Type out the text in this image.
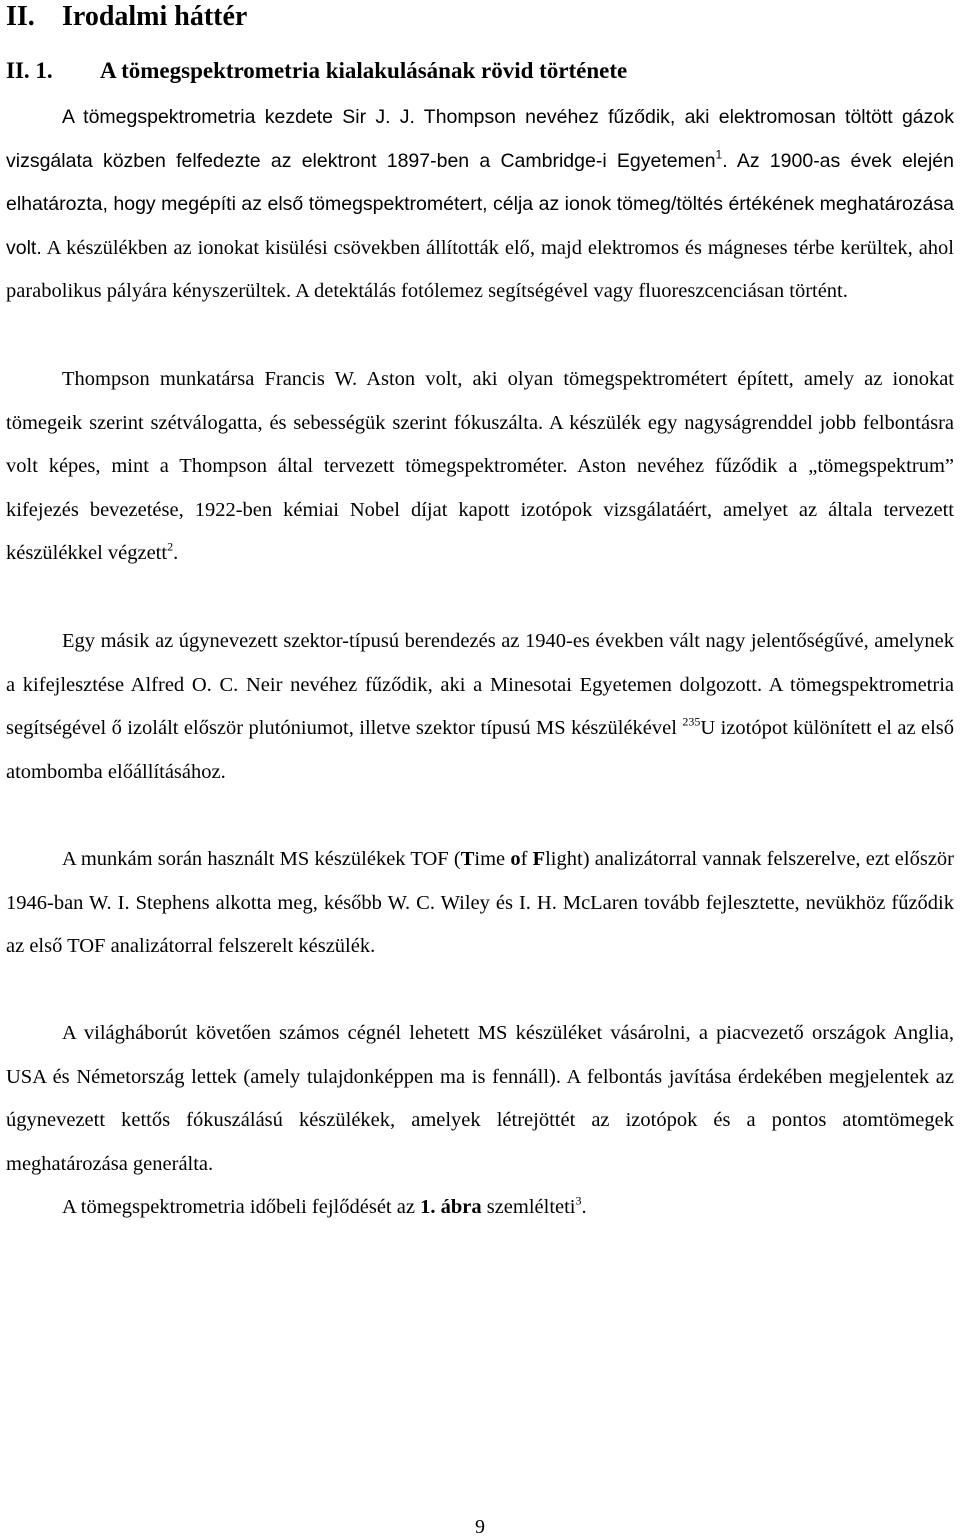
II. Irodalmi háttér
II. 1. A tömegspektrometria kialakulásának rövid története

A tömegspektrometria kezdete Sir J. J. Thompson nevéhez fűződik, aki elektromosan töltött gázok vizsgálata közben felfedezte az elektront 1897-ben a Cambridge-i Egyetemen$^1$. Az 1900-as évek elején elhatározta, hogy megépíti az első tömegspektrométert, célja az ionok tömeg/töltés értékének meghatározása volt. A készülékben az ionokat kisülési csövekben állították elő, majd elektromos és mágneses térbe kerültek, ahol parabolikus pályára kényszerültek. A detektálás fotólemez segítségével vagy fluoreszcenciásan történt.

Thompson munkatársa Francis W. Aston volt, aki olyan tömegspektrométert épített, amely az ionokat tömegeik szerint szétválogatta, és sebességük szerint fókuszálta. A készülék egy nagyságrenddel jobb felbontásra volt képes, mint a Thompson által tervezett tömegspektrométer. Aston nevéhez fűződik a „tömegspektrum” kifejezés bevezetése, 1922-ben kémiai Nobel díjat kapott izotópok vizsgálatáért, amelyet az általa tervezett készülékkel végzett$^2$.

Egy másik az úgynevezett szektor-típusú berendezés az 1940-es években vált nagy jelentőségűvé, amelynek a kifejlesztése Alfred O. C. Neir nevéhez fűződik, aki a Minesotai Egyetemen dolgozott. A tömegspektrometria segítségével ő izolált először plutóniumot, illetve szektor típusú MS készülékével $^{235}$U izotópot különített el az első atombomba előállításához.

A munkám során használt MS készülékek TOF (Time of Flight) analizátorral vannak felszerelve, ezt először 1946-ban W. I. Stephens alkotta meg, később W. C. Wiley és I. H. McLaren tovább fejlesztette, nevükhöz fűződik az első TOF analizátorral felszerelt készülék.

A világháborút követően számos cégnél lehetett MS készüléket vásárolni, a piacvezető országok Anglia, USA és Németország lettek (amely tulajdonképpen ma is fennáll). A felbontás javítása érdekében megjelentek az úgynevezett kettős fókuszálású készülékek, amelyek létrejöttét az izotópok és a pontos atomtömegek meghatározása generálta.

A tömegspektrometria időbeli fejlődését az 1. ábra szemlélteti$^3$.

9
